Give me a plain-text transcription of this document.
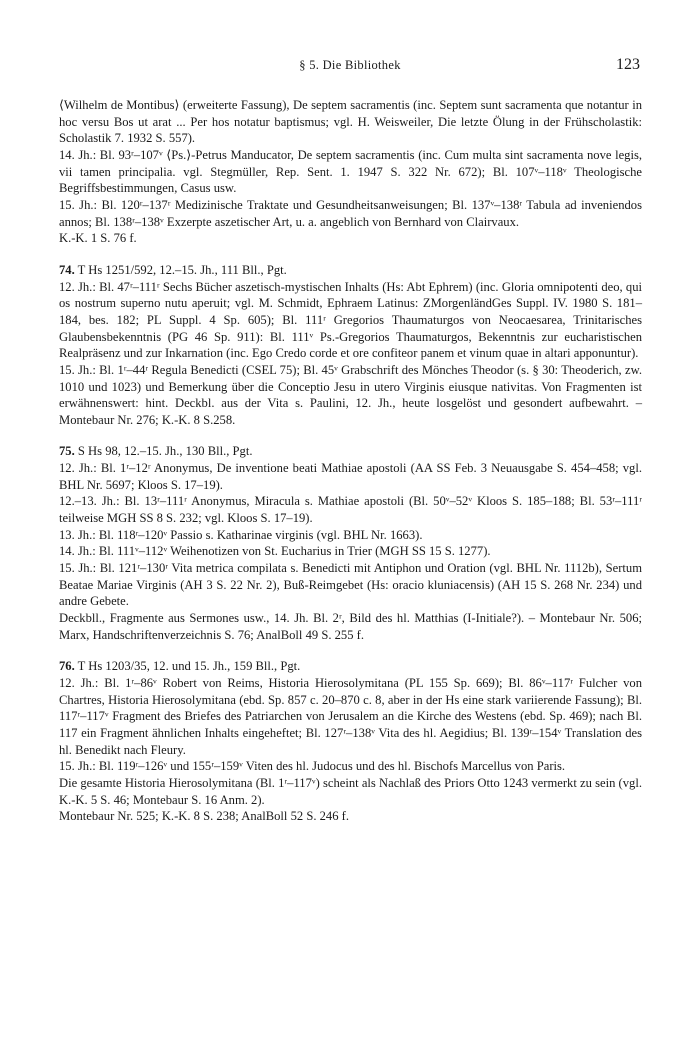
§ 5. Die Bibliothek	123

⟨Wilhelm de Montibus⟩ (erweiterte Fassung), De septem sacramentis (inc. Septem sunt sacramenta que notantur in hoc versu Bos ut arat ... Per hos notatur baptismus; vgl. H. Weisweiler, Die letzte Ölung in der Frühscholastik: Scholastik 7. 1932 S. 557).

14. Jh.: Bl. 93ʳ–107ᵛ ⟨Ps.⟩-Petrus Manducator, De septem sacramentis (inc. Cum multa sint sacramenta nove legis, vii tamen principalia. vgl. Stegmüller, Rep. Sent. 1. 1947 S. 322 Nr. 672); Bl. 107ᵛ–118ᵛ Theologische Begriffsbestimmungen, Casus usw.

15. Jh.: Bl. 120ʳ–137ʳ Medizinische Traktate und Gesundheitsanweisungen; Bl. 137ᵛ–138ʳ Tabula ad inveniendos annos; Bl. 138ʳ–138ᵛ Exzerpte aszetischer Art, u. a. angeblich von Bernhard von Clairvaux.

K.-K. 1 S. 76 f.

74. T Hs 1251/592, 12.–15. Jh., 111 Bll., Pgt.

12. Jh.: Bl. 47ʳ–111ʳ Sechs Bücher aszetisch-mystischen Inhalts (Hs: Abt Ephrem) (inc. Gloria omnipotenti deo, qui os nostrum superno nutu aperuit; vgl. M. Schmidt, Ephraem Latinus: ZMorgenländGes Suppl. IV. 1980 S. 181–184, bes. 182; PL Suppl. 4 Sp. 605); Bl. 111ʳ Gregorios Thaumaturgos von Neocaesarea, Trinitarisches Glaubensbekenntnis (PG 46 Sp. 911): Bl. 111ᵛ Ps.-Gregorios Thaumaturgos, Bekenntnis zur eucharistischen Realpräsenz und zur Inkarnation (inc. Ego Credo corde et ore confiteor panem et vinum quae in altari apponuntur).

15. Jh.: Bl. 1ʳ–44ʳ Regula Benedicti (CSEL 75); Bl. 45ᵛ Grabschrift des Mönches Theodor (s. § 30: Theoderich, zw. 1010 und 1023) und Bemerkung über die Conceptio Jesu in utero Virginis eiusque nativitas. Von Fragmenten ist erwähnenswert: hint. Deckbl. aus der Vita s. Paulini, 12. Jh., heute losgelöst und gesondert aufbewahrt. – Montebaur Nr. 276; K.-K. 8 S.258.

75. S Hs 98, 12.–15. Jh., 130 Bll., Pgt.

12. Jh.: Bl. 1ʳ–12ʳ Anonymus, De inventione beati Mathiae apostoli (AA SS Feb. 3 Neuausgabe S. 454–458; vgl. BHL Nr. 5697; Kloos S. 17–19).

12.–13. Jh.: Bl. 13ʳ–111ʳ Anonymus, Miracula s. Mathiae apostoli (Bl. 50ᵛ–52ᵛ Kloos S. 185–188; Bl. 53ʳ–111ʳ teilweise MGH SS 8 S. 232; vgl. Kloos S. 17–19).

13. Jh.: Bl. 118ʳ–120ᵛ Passio s. Katharinae virginis (vgl. BHL Nr. 1663).

14. Jh.: Bl. 111ᵛ–112ᵛ Weihenotizen von St. Eucharius in Trier (MGH SS 15 S. 1277).

15. Jh.: Bl. 121ʳ–130ʳ Vita metrica compilata s. Benedicti mit Antiphon und Oration (vgl. BHL Nr. 1112b), Sertum Beatae Mariae Virginis (AH 3 S. 22 Nr. 2), Buß-Reimgebet (Hs: oracio kluniacensis) (AH 15 S. 268 Nr. 234) und andre Gebete.

Deckbll., Fragmente aus Sermones usw., 14. Jh. Bl. 2ʳ, Bild des hl. Matthias (I-Initiale?). – Montebaur Nr. 506; Marx, Handschriftenverzeichnis S. 76; AnalBoll 49 S. 255 f.

76. T Hs 1203/35, 12. und 15. Jh., 159 Bll., Pgt.

12. Jh.: Bl. 1ʳ–86ᵛ Robert von Reims, Historia Hierosolymitana (PL 155 Sp. 669); Bl. 86ᵛ–117ʳ Fulcher von Chartres, Historia Hierosolymitana (ebd. Sp. 857 c. 20–870 c. 8, aber in der Hs eine stark variierende Fassung); Bl. 117ʳ–117ᵛ Fragment des Briefes des Patriarchen von Jerusalem an die Kirche des Westens (ebd. Sp. 469); nach Bl. 117 ein Fragment ähnlichen Inhalts eingeheftet; Bl. 127ʳ–138ᵛ Vita des hl. Aegidius; Bl. 139ʳ–154ᵛ Translation des hl. Benedikt nach Fleury.

15. Jh.: Bl. 119ʳ–126ᵛ und 155ʳ–159ᵛ Viten des hl. Judocus und des hl. Bischofs Marcellus von Paris.

Die gesamte Historia Hierosolymitana (Bl. 1ʳ–117ᵛ) scheint als Nachlaß des Priors Otto 1243 vermerkt zu sein (vgl. K.-K. 5 S. 46; Montebaur S. 16 Anm. 2).

Montebaur Nr. 525; K.-K. 8 S. 238; AnalBoll 52 S. 246 f.
